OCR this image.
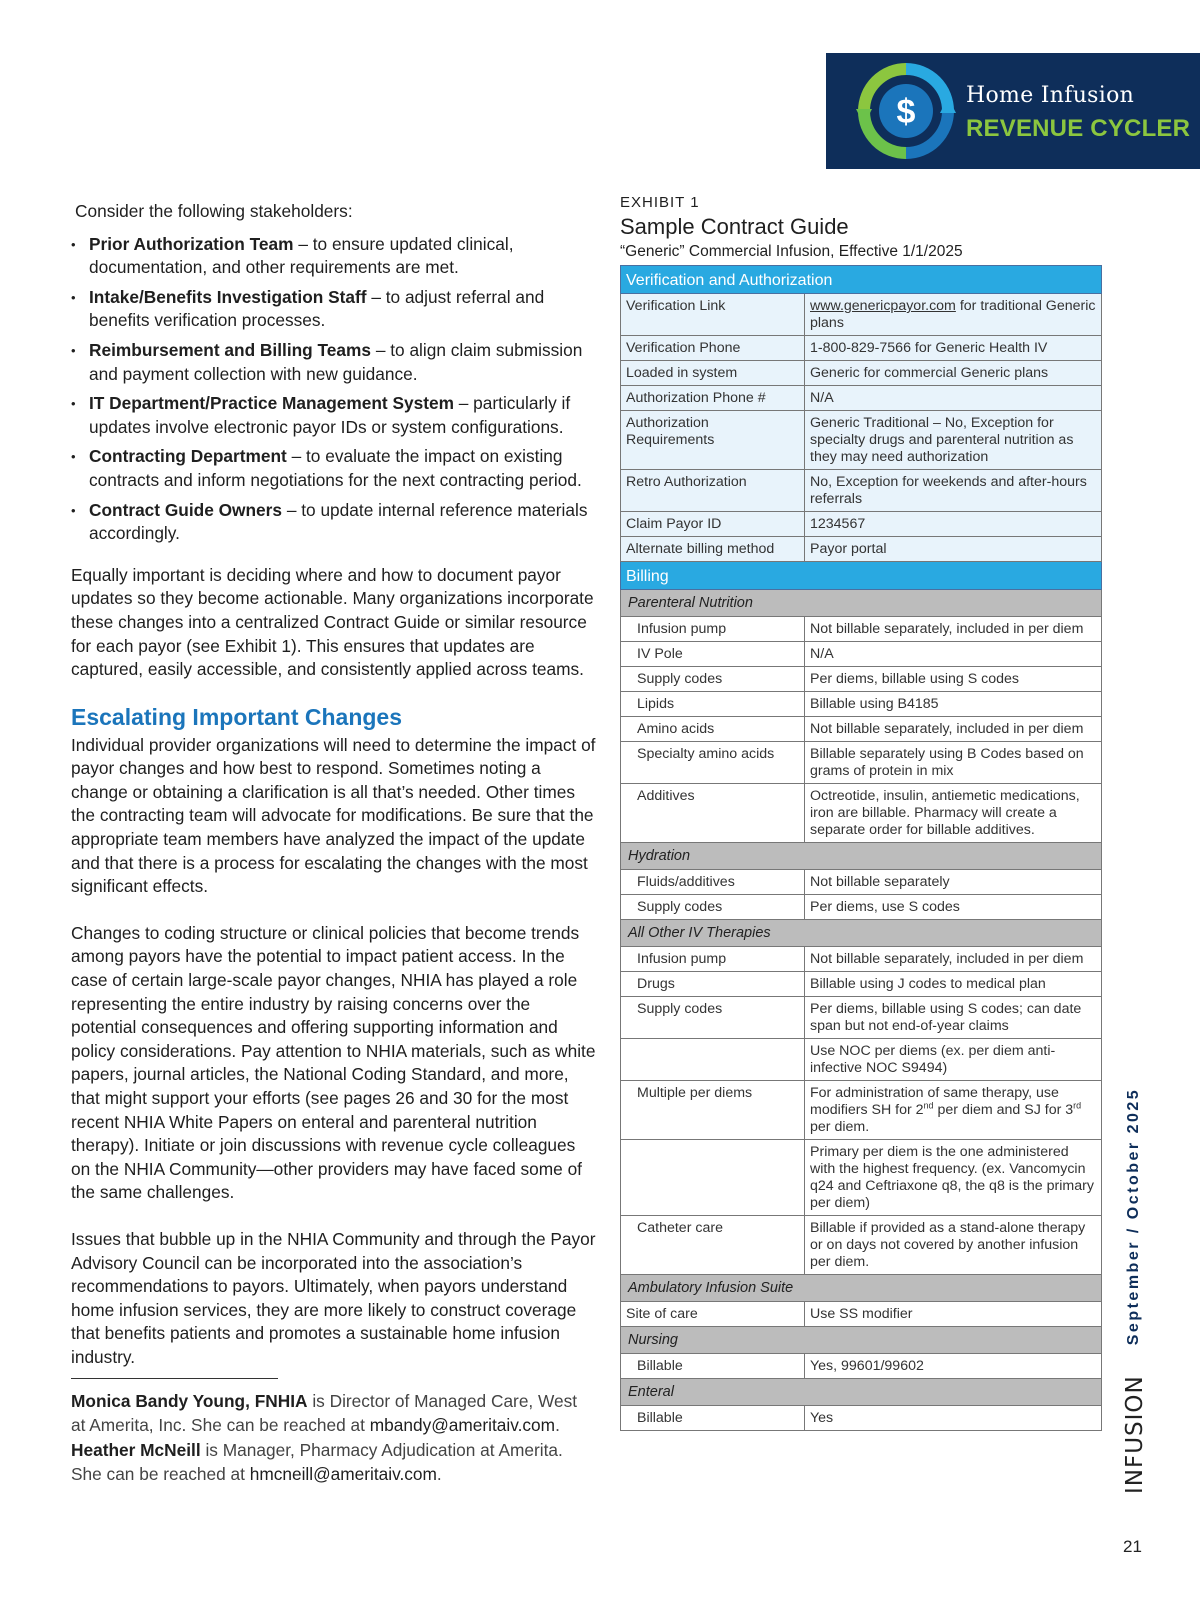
$ Home Infusion
REVENUE CYCLER

Consider the following stakeholders:

• Prior Authorization Team – to ensure updated clinical, documentation, and other requirements are met.
• Intake/Benefits Investigation Staff – to adjust referral and benefits verification processes.
• Reimbursement and Billing Teams – to align claim submission and payment collection with new guidance.
• IT Department/Practice Management System – particularly if updates involve electronic payor IDs or system configurations.
• Contracting Department – to evaluate the impact on existing contracts and inform negotiations for the next contracting period.
• Contract Guide Owners – to update internal reference materials accordingly.

Equally important is deciding where and how to document payor updates so they become actionable. Many organizations incorporate these changes into a centralized Contract Guide or similar resource for each payor (see Exhibit 1). This ensures that updates are captured, easily accessible, and consistently applied across teams.

Escalating Important Changes

Individual provider organizations will need to determine the impact of payor changes and how best to respond. Sometimes noting a change or obtaining a clarification is all that’s needed. Other times the contracting team will advocate for modifications. Be sure that the appropriate team members have analyzed the impact of the update and that there is a process for escalating the changes with the most significant effects.

Changes to coding structure or clinical policies that become trends among payors have the potential to impact patient access. In the case of certain large-scale payor changes, NHIA has played a role representing the entire industry by raising concerns over the potential consequences and offering supporting information and policy considerations. Pay attention to NHIA materials, such as white papers, journal articles, the National Coding Standard, and more, that might support your efforts (see pages 26 and 30 for the most recent NHIA White Papers on enteral and parenteral nutrition therapy). Initiate or join discussions with revenue cycle colleagues on the NHIA Community—other providers may have faced some of the same challenges.

Issues that bubble up in the NHIA Community and through the Payor Advisory Council can be incorporated into the association’s recommendations to payors. Ultimately, when payors understand home infusion services, they are more likely to construct coverage that benefits patients and promotes a sustainable home infusion industry.

Monica Bandy Young, FNHIA is Director of Managed Care, West at Amerita, Inc. She can be reached at mbandy@ameritaiv.com. Heather McNeill is Manager, Pharmacy Adjudication at Amerita. She can be reached at hmcneill@ameritaiv.com.

EXHIBIT 1
Sample Contract Guide
“Generic” Commercial Infusion, Effective 1/1/2025
Verification and Authorization	
Verification Link	www.genericpayor.com for traditional Generic plans
Verification Phone	1-800-829-7566 for Generic Health IV
Loaded in system	Generic for commercial Generic plans
Authorization Phone #	N/A
Authorization Requirements	Generic Traditional – No, Exception for specialty drugs and parenteral nutrition as they may need authorization
Retro Authorization	No, Exception for weekends and after-hours referrals
Claim Payor ID	1234567
Alternate billing method	Payor portal
Billing	
Parenteral Nutrition	
Infusion pump	Not billable separately, included in per diem
IV Pole	N/A
Supply codes	Per diems, billable using S codes
Lipids	Billable using B4185
Amino acids	Not billable separately, included in per diem
Specialty amino acids	Billable separately using B Codes based on grams of protein in mix
Additives	Octreotide, insulin, antiemetic medications, iron are billable. Pharmacy will create a separate order for billable additives.
Hydration	
Fluids/additives	Not billable separately
Supply codes	Per diems, use S codes
All Other IV Therapies	
Infusion pump	Not billable separately, included in per diem
Drugs	Billable using J codes to medical plan
Supply codes	Per diems, billable using S codes; can date span but not end-of-year claims
	Use NOC per diems (ex. per diem anti-infective NOC S9494)
Multiple per diems	For administration of same therapy, use modifiers SH for 2nd per diem and SJ for 3rd per diem.
	Primary per diem is the one administered with the highest frequency. (ex. Vancomycin q24 and Ceftriaxone q8, the q8 is the primary per diem)
Catheter care	Billable if provided as a stand-alone therapy or on days not covered by another infusion per diem.
Ambulatory Infusion Suite	
Site of care	Use SS modifier
Nursing	
Billable	Yes, 99601/99602
Enteral	
Billable	Yes	INFUSIONSeptember / October 2025
21
